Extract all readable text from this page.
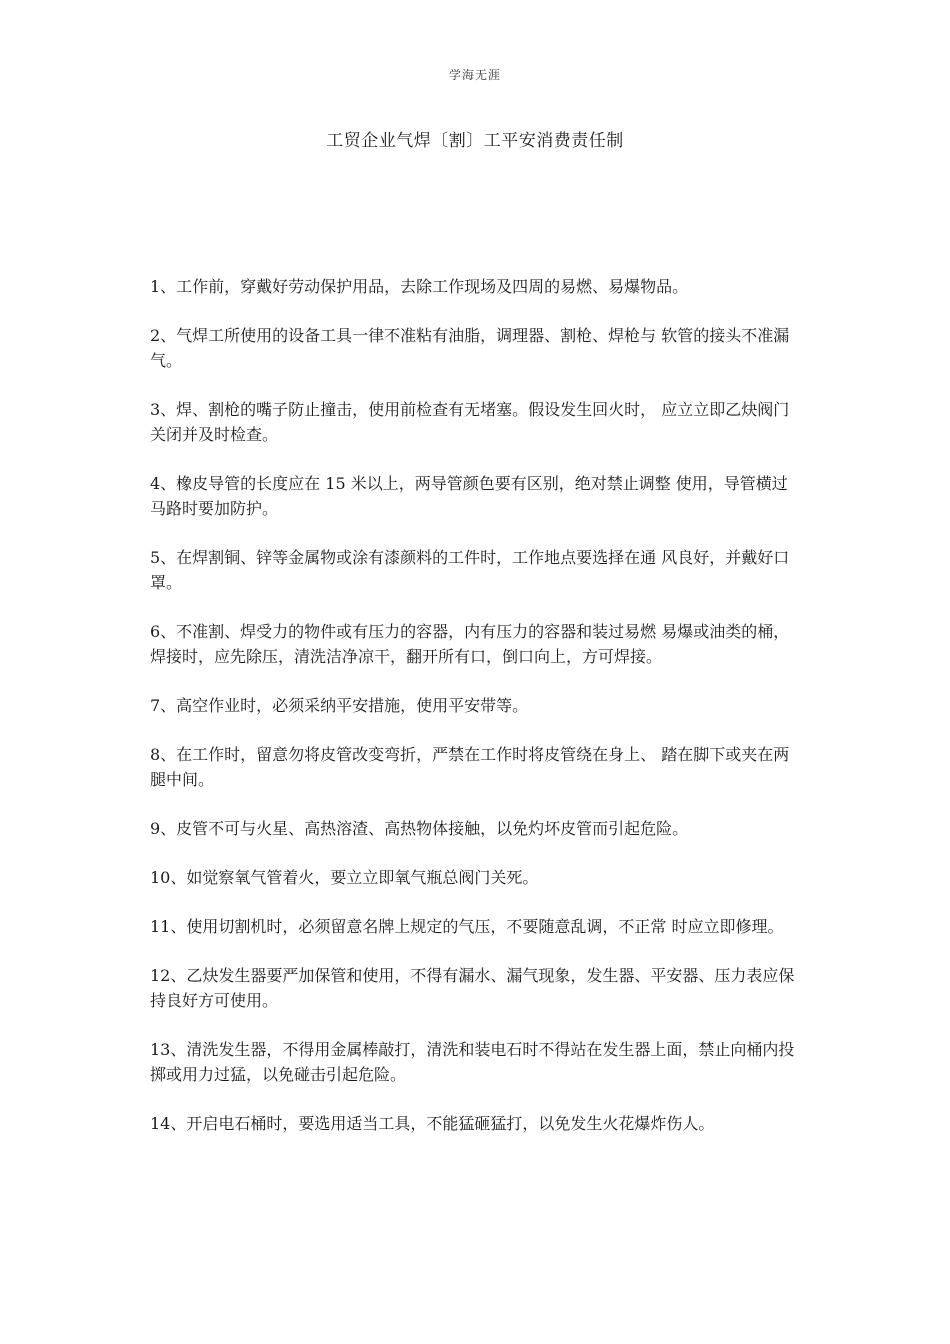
学海无涯
工贸企业气焊〔割〕工平安消费责任制
1、工作前，穿戴好劳动保护用品，去除工作现场及四周的易燃、易爆物品。
2、气焊工所使用的设备工具一律不准粘有油脂，调理器、割枪、焊枪与 软管的接头不准漏气。
3、焊、割枪的嘴子防止撞击，使用前检查有无堵塞。假设发生回火时， 应立立即乙炔阀门关闭并及时检查。
4、橡皮导管的长度应在 15 米以上，两导管颜色要有区别，绝对禁止调整 使用，导管横过马路时要加防护。
5、在焊割铜、锌等金属物或涂有漆颜料的工件时，工作地点要选择在通 风良好，并戴好口罩。
6、不准割、焊受力的物件或有压力的容器，内有压力的容器和装过易燃 易爆或油类的桶，焊接时，应先除压，清洗洁净凉干，翻开所有口，倒口向上，方可焊接。
7、高空作业时，必须采纳平安措施，使用平安带等。
8、在工作时，留意勿将皮管改变弯折，严禁在工作时将皮管绕在身上、 踏在脚下或夹在两腿中间。
9、皮管不可与火星、高热溶渣、高热物体接触，以免灼坏皮管而引起危险。
10、如觉察氧气管着火，要立立即氧气瓶总阀门关死。
11、使用切割机时，必须留意名牌上规定的气压，不要随意乱调，不正常 时应立即修理。
12、乙炔发生器要严加保管和使用，不得有漏水、漏气现象，发生器、平安器、压力表应保持良好方可使用。
13、清洗发生器，不得用金属棒敲打，清洗和装电石时不得站在发生器上面，禁止向桶内投掷或用力过猛，以免碰击引起危险。
14、开启电石桶时，要选用适当工具，不能猛砸猛打，以免发生火花爆炸伤人。
